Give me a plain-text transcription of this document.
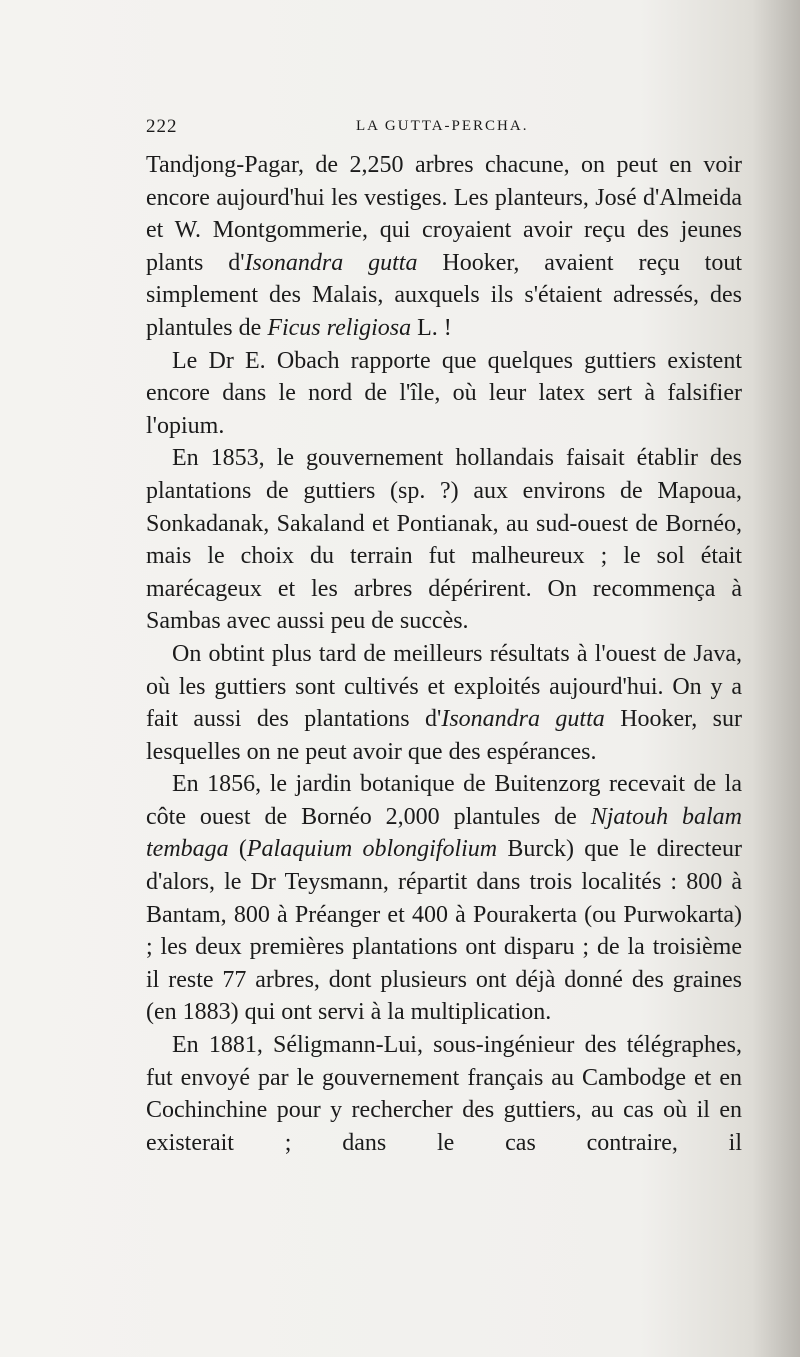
222	LA GUTTA-PERCHA.

Tandjong-Pagar, de 2,250 arbres chacune, on peut en voir encore aujourd'hui les vestiges. Les planteurs, José d'Almeida et W. Montgommerie, qui croyaient avoir reçu des jeunes plants d'Isonandra gutta Hooker, avaient reçu tout simplement des Malais, auxquels ils s'étaient adressés, des plantules de Ficus religiosa L. !

Le Dr E. Obach rapporte que quelques guttiers existent encore dans le nord de l'île, où leur latex sert à falsifier l'opium.

En 1853, le gouvernement hollandais faisait établir des plantations de guttiers (sp. ?) aux environs de Mapoua, Sonkadanak, Sakaland et Pontianak, au sud-ouest de Bornéo, mais le choix du terrain fut malheureux ; le sol était marécageux et les arbres dépérirent. On recommença à Sambas avec aussi peu de succès.

On obtint plus tard de meilleurs résultats à l'ouest de Java, où les guttiers sont cultivés et exploités aujourd'hui. On y a fait aussi des plantations d'Isonandra gutta Hooker, sur lesquelles on ne peut avoir que des espérances.

En 1856, le jardin botanique de Buitenzorg recevait de la côte ouest de Bornéo 2,000 plantules de Njatouh balam tembaga (Palaquium oblongifolium Burck) que le directeur d'alors, le Dr Teysmann, répartit dans trois localités : 800 à Bantam, 800 à Préanger et 400 à Pourakerta (ou Purwokarta) ; les deux premières plantations ont disparu ; de la troisième il reste 77 arbres, dont plusieurs ont déjà donné des graines (en 1883) qui ont servi à la multiplication.

En 1881, Séligmann-Lui, sous-ingénieur des télégraphes, fut envoyé par le gouvernement français au Cambodge et en Cochinchine pour y rechercher des guttiers, au cas où il en existerait ; dans le cas contraire, il
